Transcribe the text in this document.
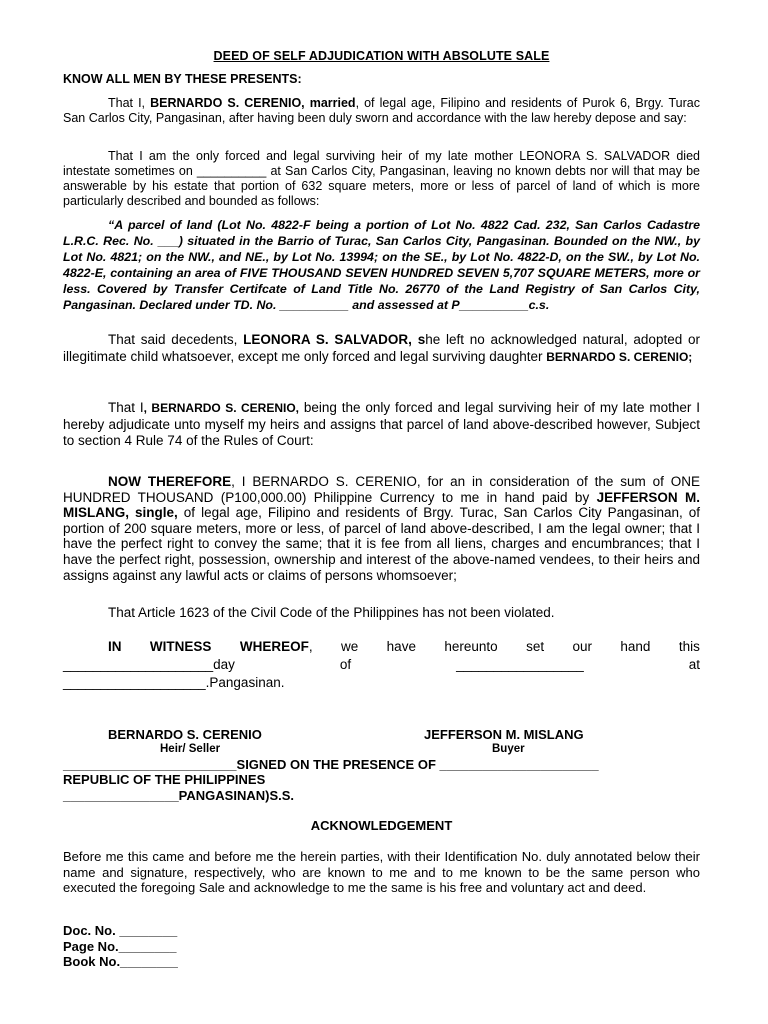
DEED OF SELF ADJUDICATION WITH ABSOLUTE SALE

KNOW ALL MEN BY THESE PRESENTS:

That I, BERNARDO S. CERENIO, married, of legal age, Filipino and residents of Purok 6, Brgy. Turac San Carlos City, Pangasinan, after having been duly sworn and accordance with the law hereby depose and say:

That I am the only forced and legal surviving heir of my late mother LEONORA S. SALVADOR died intestate sometimes on __________ at San Carlos City, Pangasinan, leaving no known debts nor will that may be answerable by his estate that portion of 632 square meters, more or less of parcel of land of which is more particularly described and bounded as follows:

“A parcel of land (Lot No. 4822-F being a portion of Lot No. 4822 Cad. 232, San Carlos Cadastre L.R.C. Rec. No. ___) situated in the Barrio of Turac, San Carlos City, Pangasinan. Bounded on the NW., by Lot No. 4821; on the NW., and NE., by Lot No. 13994; on the SE., by Lot No. 4822-D, on the SW., by Lot No. 4822-E, containing an area of FIVE THOUSAND SEVEN HUNDRED SEVEN 5,707 SQUARE METERS, more or less. Covered by Transfer Certifcate of Land Title No. 26770 of the Land Registry of San Carlos City, Pangasinan. Declared under TD. No. __________ and assessed at P__________c.s.

That said decedents, LEONORA S. SALVADOR, she left no acknowledged natural, adopted or illegitimate child whatsoever, except me only forced and legal surviving daughter BERNARDO S. CERENIO;

That I, BERNARDO S. CERENIO, being the only forced and legal surviving heir of my late mother I hereby adjudicate unto myself my heirs and assigns that parcel of land above-described however, Subject to section 4 Rule 74 of the Rules of Court:

NOW THEREFORE, I BERNARDO S. CERENIO, for an in consideration of the sum of ONE HUNDRED THOUSAND (P100,000.00) Philippine Currency to me in hand paid by JEFFERSON M. MISLANG, single, of legal age, Filipino and residents of Brgy. Turac, San Carlos City Pangasinan, of portion of 200 square meters, more or less, of parcel of land above-described, I am the legal owner; that I have the perfect right to convey the same; that it is fee from all liens, charges and encumbrances; that I have the perfect right, possession, ownership and interest of the above-named vendees, to their heirs and assigns against any lawful acts or claims of persons whomsoever;

That Article 1623 of the Civil Code of the Philippines has not been violated.

IN WITNESS WHEREOF, we have hereunto set our hand this
____________________day	of	_________________	at
___________________.Pangasinan.

BERNARDO S. CERENIO

Heir/ Seller

JEFFERSON M. MISLANG

Buyer

________________________SIGNED ON THE PRESENCE OF ______________________

REPUBLIC OF THE PHILIPPINES

________________PANGASINAN)S.S.

ACKNOWLEDGEMENT

Before me this came and before me the herein parties, with their Identification No. duly annotated below their name and signature, respectively, who are known to me and to me known to be the same person who executed the foregoing Sale and acknowledge to me the same is his free and voluntary act and deed.

Doc. No. ________

Page No.________

Book No.________
